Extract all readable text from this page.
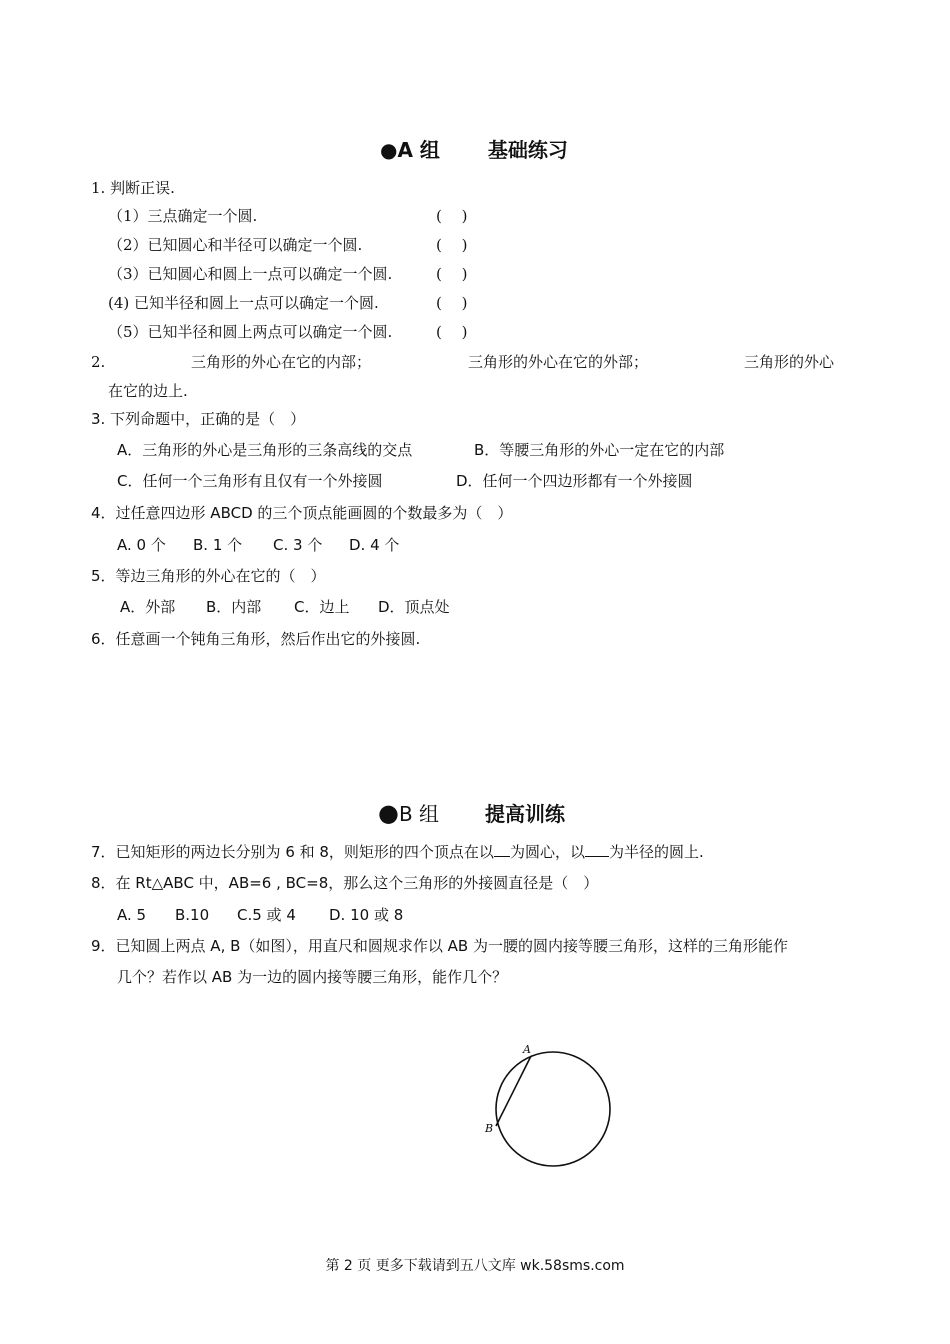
●A 组 基础练习
1. 判断正误.
（1）三点确定一个圆.	(　 )
（2）已知圆心和半径可以确定一个圆.	(　 )
（3）已知圆心和圆上一点可以确定一个圆.	(　 )
(4) 已知半径和圆上一点可以确定一个圆.	(　 )
（5）已知半径和圆上两点可以确定一个圆.	(　 )
2.	三角形的外心在它的内部；	三角形的外心在它的外部；	三角形的外心
在它的边上.
3. 下列命题中，正确的是（　）
A．三角形的外心是三角形的三条高线的交点	B．等腰三角形的外心一定在它的内部
C．任何一个三角形有且仅有一个外接圆	D．任何一个四边形都有一个外接圆
4．过任意四边形 ABCD 的三个顶点能画圆的个数最多为（　）
A. 0 个 B. 1 个 C. 3 个 D. 4 个
5．等边三角形的外心在它的（　）
A．外部 B．内部 C．边上 D．顶点处
6．任意画一个钝角三角形，然后作出它的外接圆.
●B 组 提高训练
7．已知矩形的两边长分别为 6 和 8，则矩形的四个顶点在以 为圆心，以 为半径的圆上.
8．在 Rt△ABC 中，AB=6 , BC=8，那么这个三角形的外接圆直径是（　）
A. 5 B.10 C.5 或 4 D. 10 或 8
9．已知圆上两点 A, B（如图），用直尺和圆规求作以 AB 为一腰的圆内接等腰三角形，这样的三角形能作
几个？若作以 AB 为一边的圆内接等腰三角形，能作几个？
A
B
第 2 页 更多下载请到五八文库 wk.58sms.com
